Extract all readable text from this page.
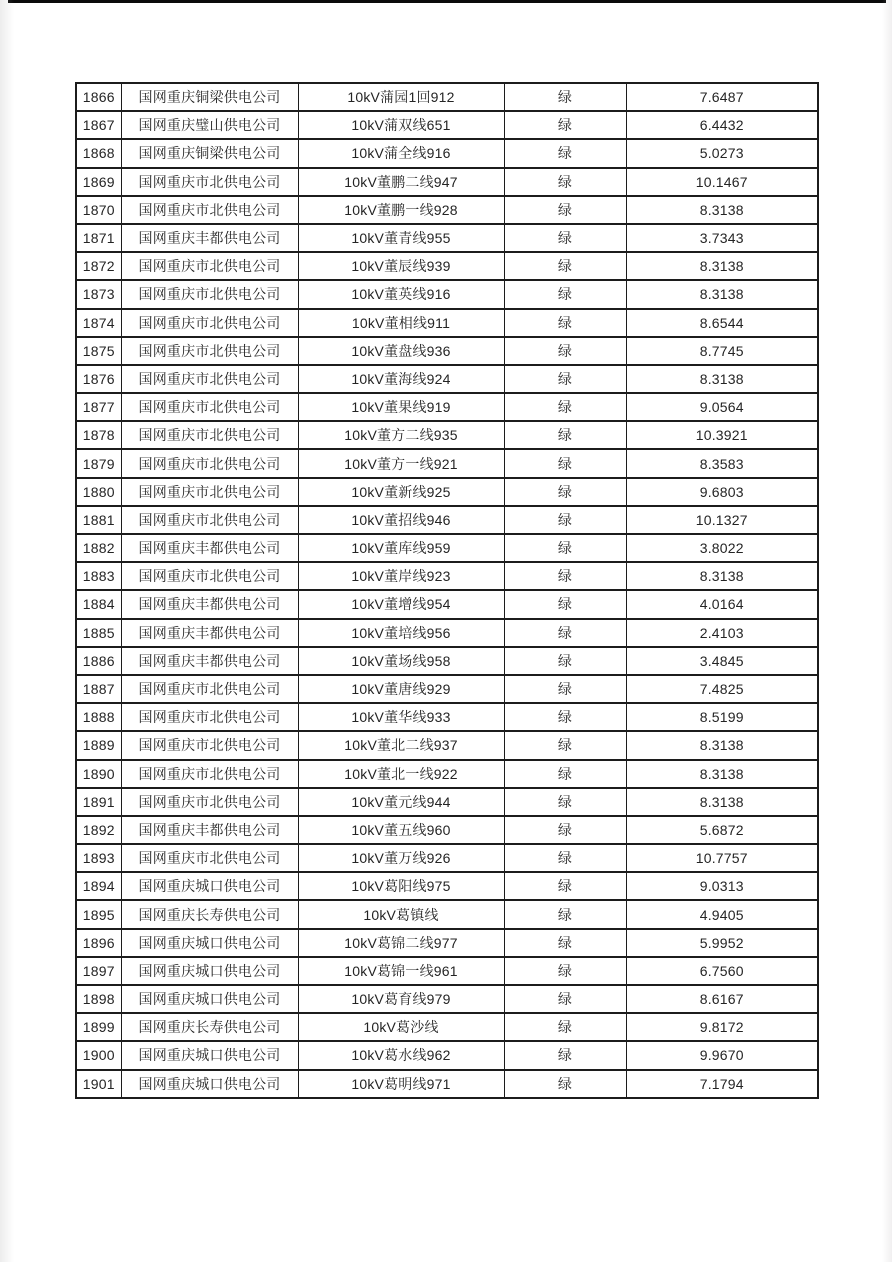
1866	国网重庆铜梁供电公司	10kV蒲园1回912	绿	7.6487
1867	国网重庆璧山供电公司	10kV蒲双线651	绿	6.4432
1868	国网重庆铜梁供电公司	10kV蒲全线916	绿	5.0273
1869	国网重庆市北供电公司	10kV董鹏二线947	绿	10.1467
1870	国网重庆市北供电公司	10kV董鹏一线928	绿	8.3138
1871	国网重庆丰都供电公司	10kV董青线955	绿	3.7343
1872	国网重庆市北供电公司	10kV董辰线939	绿	8.3138
1873	国网重庆市北供电公司	10kV董英线916	绿	8.3138
1874	国网重庆市北供电公司	10kV董相线911	绿	8.6544
1875	国网重庆市北供电公司	10kV董盘线936	绿	8.7745
1876	国网重庆市北供电公司	10kV董海线924	绿	8.3138
1877	国网重庆市北供电公司	10kV董果线919	绿	9.0564
1878	国网重庆市北供电公司	10kV董方二线935	绿	10.3921
1879	国网重庆市北供电公司	10kV董方一线921	绿	8.3583
1880	国网重庆市北供电公司	10kV董新线925	绿	9.6803
1881	国网重庆市北供电公司	10kV董招线946	绿	10.1327
1882	国网重庆丰都供电公司	10kV董库线959	绿	3.8022
1883	国网重庆市北供电公司	10kV董岸线923	绿	8.3138
1884	国网重庆丰都供电公司	10kV董增线954	绿	4.0164
1885	国网重庆丰都供电公司	10kV董培线956	绿	2.4103
1886	国网重庆丰都供电公司	10kV董场线958	绿	3.4845
1887	国网重庆市北供电公司	10kV董唐线929	绿	7.4825
1888	国网重庆市北供电公司	10kV董华线933	绿	8.5199
1889	国网重庆市北供电公司	10kV董北二线937	绿	8.3138
1890	国网重庆市北供电公司	10kV董北一线922	绿	8.3138
1891	国网重庆市北供电公司	10kV董元线944	绿	8.3138
1892	国网重庆丰都供电公司	10kV董五线960	绿	5.6872
1893	国网重庆市北供电公司	10kV董万线926	绿	10.7757
1894	国网重庆城口供电公司	10kV葛阳线975	绿	9.0313
1895	国网重庆长寿供电公司	10kV葛镇线	绿	4.9405
1896	国网重庆城口供电公司	10kV葛锦二线977	绿	5.9952
1897	国网重庆城口供电公司	10kV葛锦一线961	绿	6.7560
1898	国网重庆城口供电公司	10kV葛育线979	绿	8.6167
1899	国网重庆长寿供电公司	10kV葛沙线	绿	9.8172
1900	国网重庆城口供电公司	10kV葛水线962	绿	9.9670
1901	国网重庆城口供电公司	10kV葛明线971	绿	7.1794
